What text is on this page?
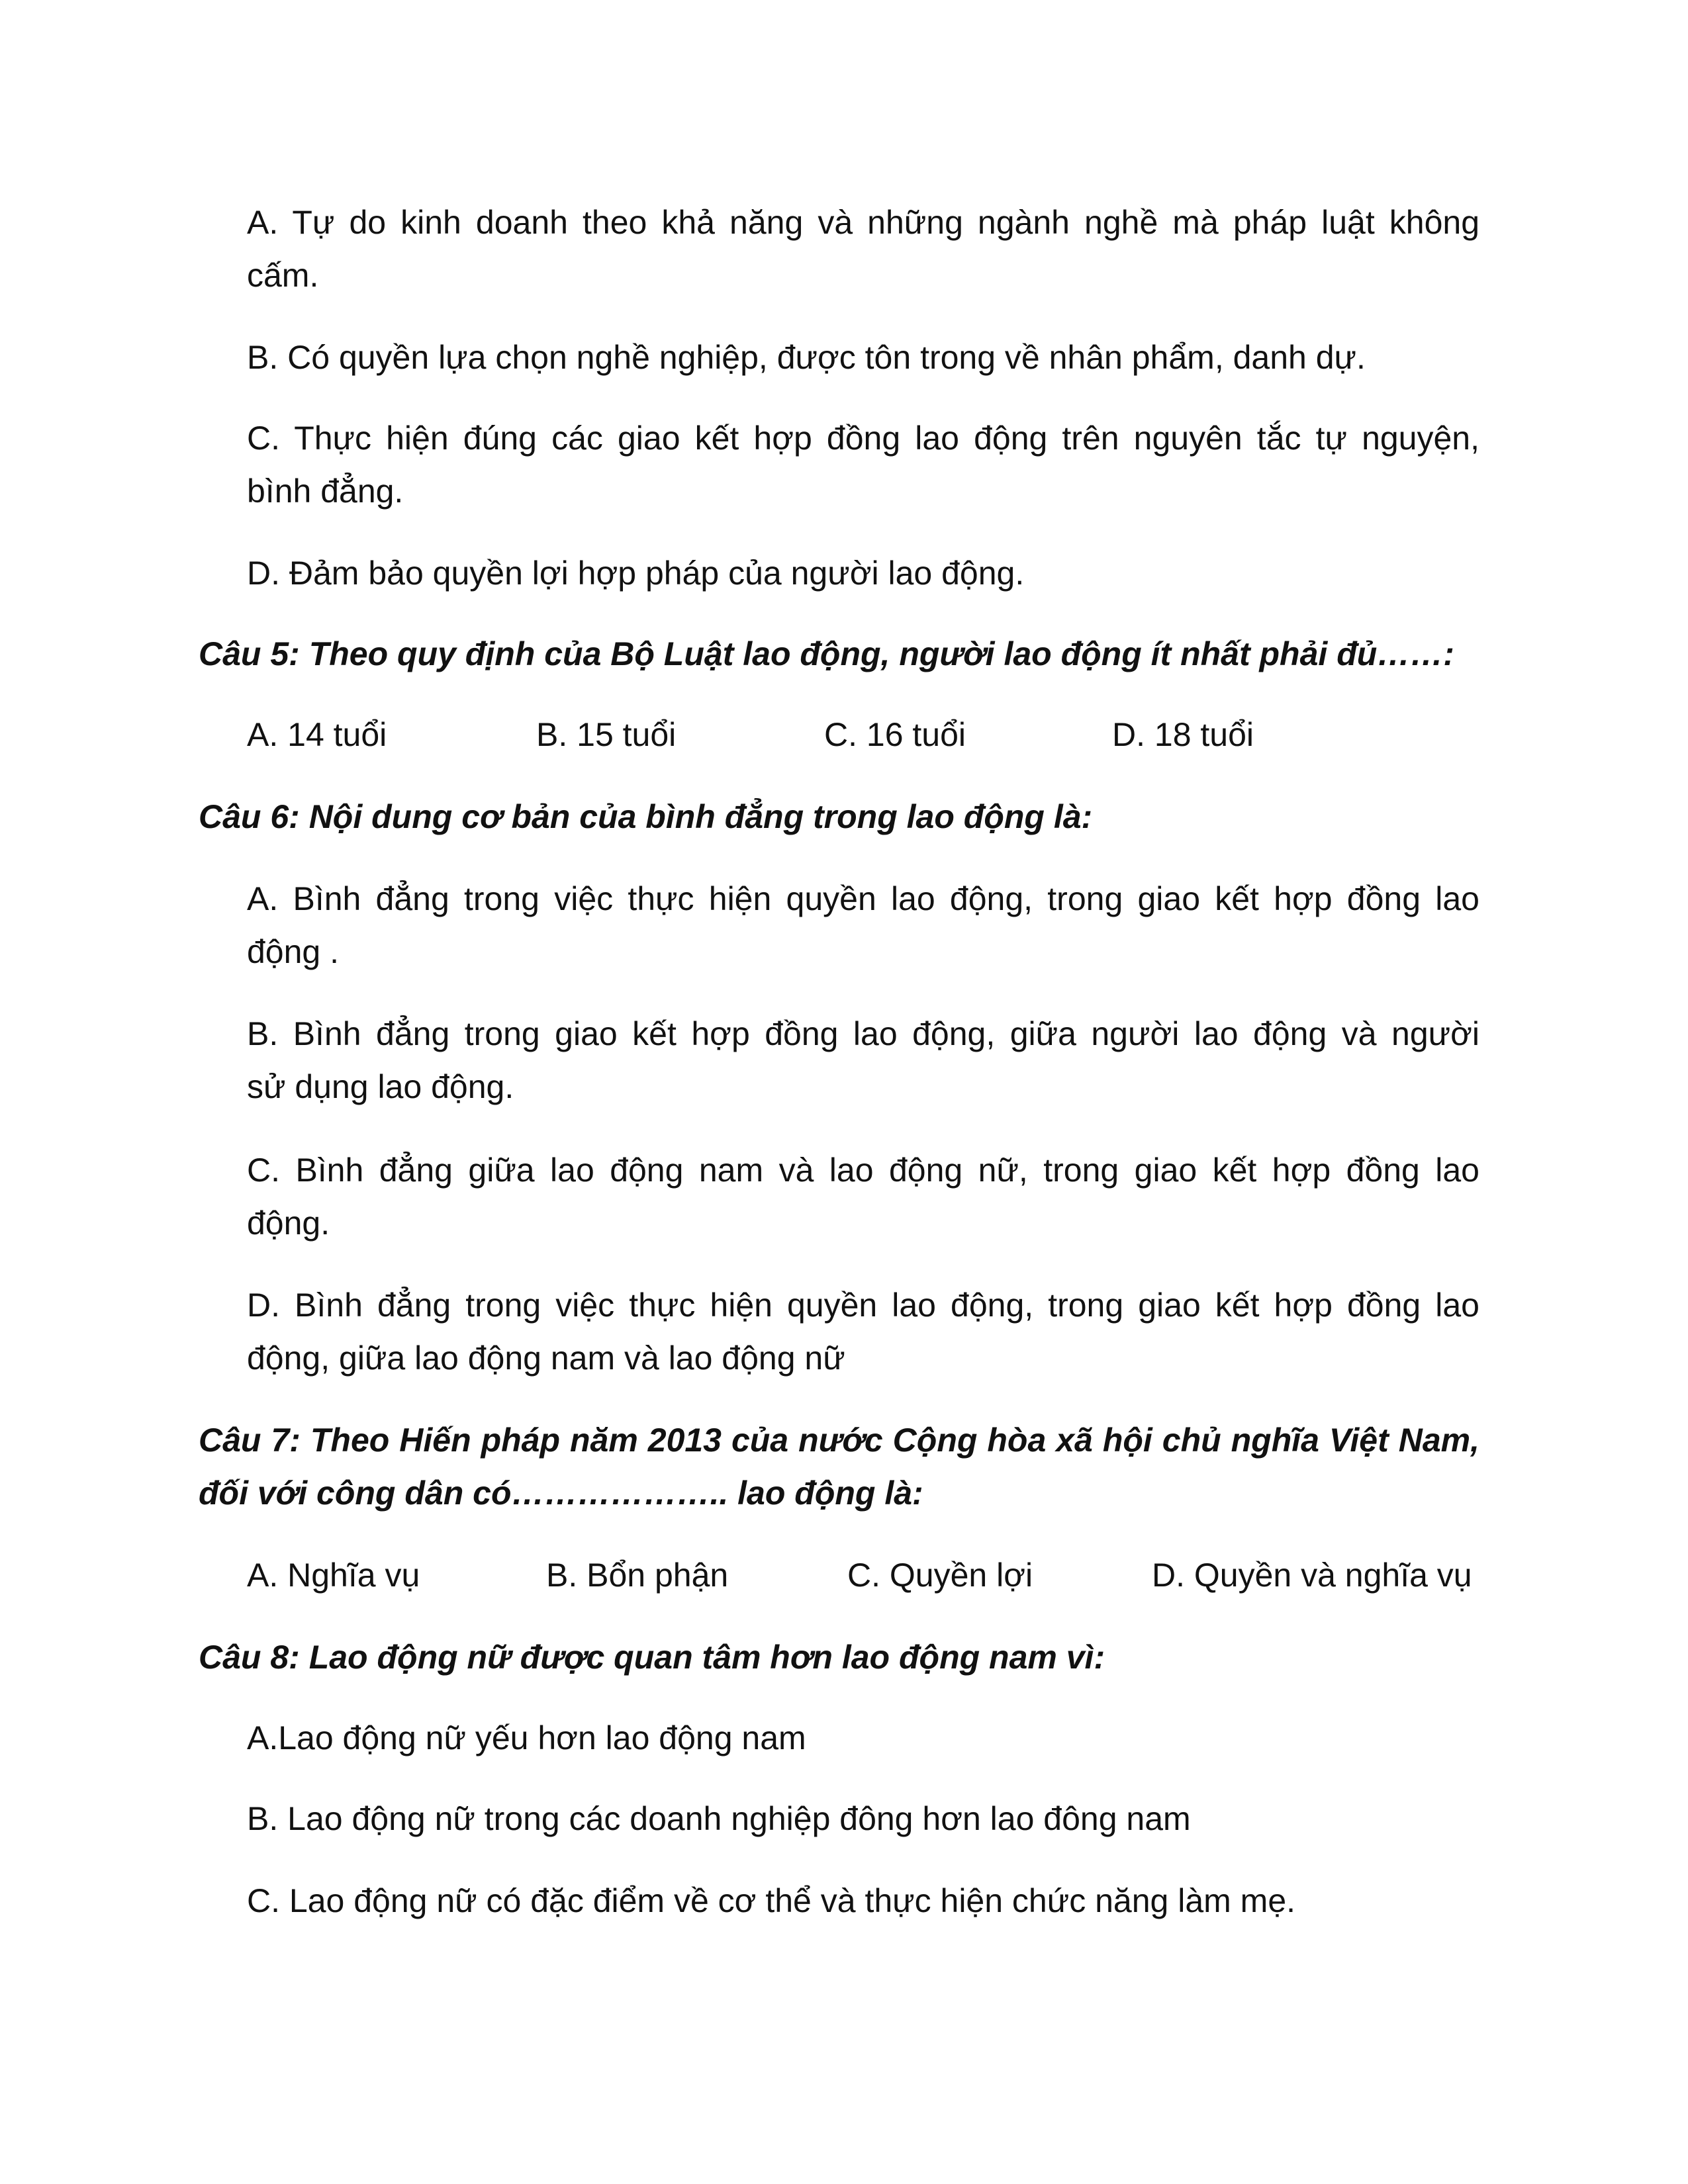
A. Tự do kinh doanh theo khả năng và những ngành nghề mà pháp luật không
cấm.
B. Có quyền lựa chọn nghề nghiệp, được tôn trong về nhân phẩm, danh dự.
C. Thực hiện đúng các giao kết hợp đồng lao động trên nguyên tắc tự nguyện,
bình đẳng.
D. Đảm bảo quyền lợi hợp pháp của người lao động.
Câu 5: Theo quy định của Bộ Luật lao động, người lao động ít nhất phải đủ……:
A. 14 tuổi	B. 15 tuổi	C. 16 tuổi	D. 18 tuổi
Câu 6: Nội dung cơ bản của bình đẳng trong lao động là:
A. Bình đẳng trong việc thực hiện quyền lao động, trong giao kết hợp đồng lao
động .
B. Bình đẳng trong giao kết hợp đồng lao động, giữa người lao động và người
sử dụng lao động.
C. Bình đẳng giữa lao động nam và lao động nữ, trong giao kết hợp đồng lao
động.
D. Bình đẳng trong việc thực hiện quyền lao động, trong giao kết hợp đồng lao
động, giữa lao động nam và lao động nữ
Câu 7: Theo Hiến pháp năm 2013 của nước Cộng hòa xã hội chủ nghĩa Việt Nam,
đối với công dân có……………….. lao động là:
A. Nghĩa vụ	B. Bổn phận	C. Quyền lợi	D. Quyền và nghĩa vụ
Câu 8: Lao động nữ được quan tâm hơn lao động nam vì:
A.Lao động nữ yếu hơn lao động nam
B. Lao động nữ trong các doanh nghiệp đông hơn lao đông nam
C. Lao động nữ có đặc điểm về cơ thể và thực hiện chức năng làm mẹ.
